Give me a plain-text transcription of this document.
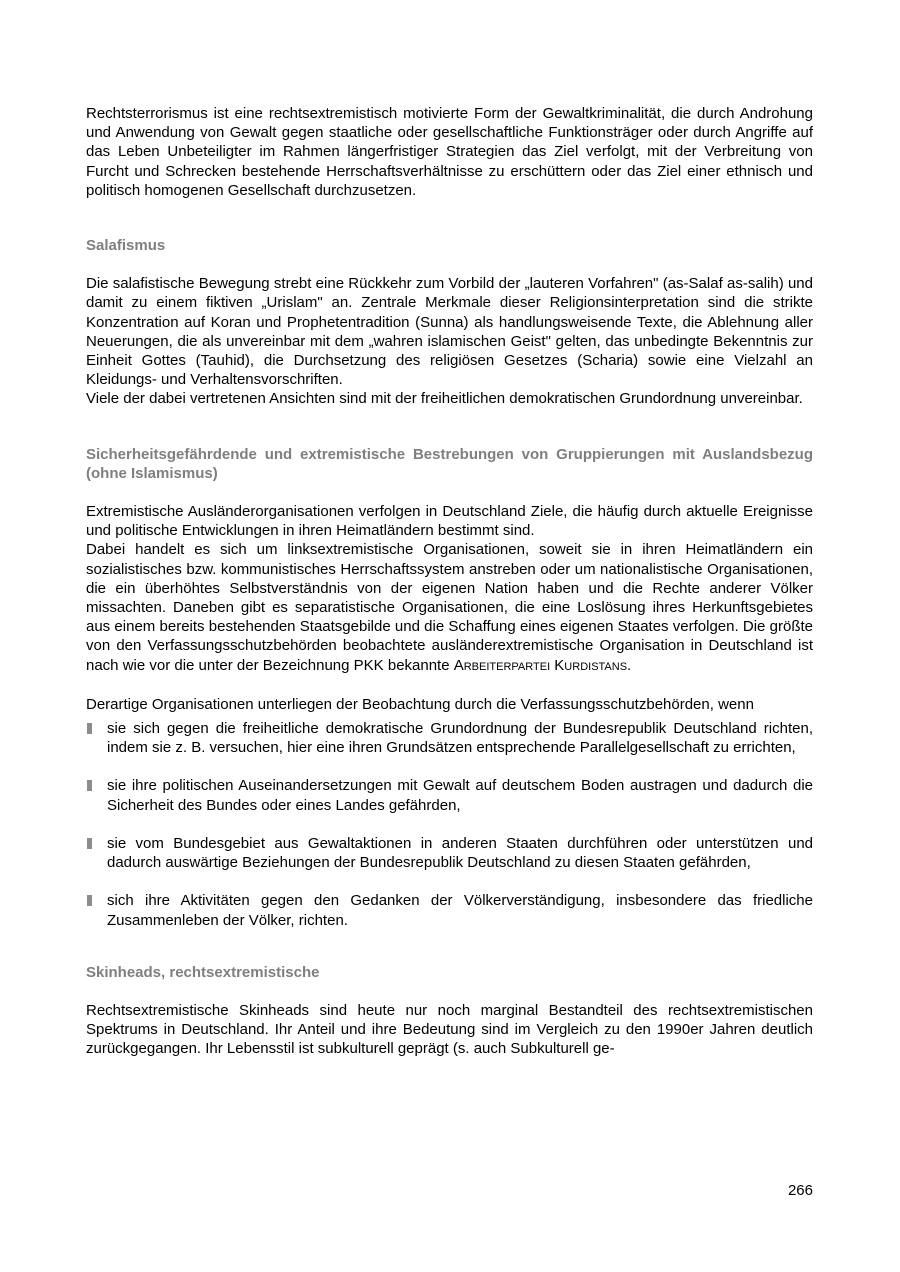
Rechtsterrorismus ist eine rechtsextremistisch motivierte Form der Gewaltkriminalität, die durch Androhung und Anwendung von Gewalt gegen staatliche oder gesellschaftliche Funktionsträger oder durch Angriffe auf das Leben Unbeteiligter im Rahmen längerfristiger Strategien das Ziel verfolgt, mit der Verbreitung von Furcht und Schrecken bestehende Herrschaftsverhältnisse zu erschüttern oder das Ziel einer ethnisch und politisch homogenen Gesellschaft durchzusetzen.

Salafismus

Die salafistische Bewegung strebt eine Rückkehr zum Vorbild der „lauteren Vorfahren" (as-Salaf as-salih) und damit zu einem fiktiven „Urislam" an. Zentrale Merkmale dieser Religionsinterpretation sind die strikte Konzentration auf Koran und Prophetentradition (Sunna) als handlungsweisende Texte, die Ablehnung aller Neuerungen, die als unvereinbar mit dem „wahren islamischen Geist" gelten, das unbedingte Bekenntnis zur Einheit Gottes (Tauhid), die Durchsetzung des religiösen Gesetzes (Scharia) sowie eine Vielzahl an Kleidungs- und Verhaltensvorschriften.

Viele der dabei vertretenen Ansichten sind mit der freiheitlichen demokratischen Grundordnung unvereinbar.

Sicherheitsgefährdende und extremistische Bestrebungen von Gruppierungen mit Auslandsbezug (ohne Islamismus)

Extremistische Ausländerorganisationen verfolgen in Deutschland Ziele, die häufig durch aktuelle Ereignisse und politische Entwicklungen in ihren Heimatländern bestimmt sind.

Dabei handelt es sich um linksextremistische Organisationen, soweit sie in ihren Heimatländern ein sozialistisches bzw. kommunistisches Herrschaftssystem anstreben oder um nationalistische Organisationen, die ein überhöhtes Selbstverständnis von der eigenen Nation haben und die Rechte anderer Völker missachten. Daneben gibt es separatistische Organisationen, die eine Loslösung ihres Herkunftsgebietes aus einem bereits bestehenden Staatsgebilde und die Schaffung eines eigenen Staates verfolgen. Die größte von den Verfassungsschutzbehörden beobachtete ausländerextremistische Organisation in Deutschland ist nach wie vor die unter der Bezeichnung PKK bekannte Arbeiterpartei Kurdistans.

Derartige Organisationen unterliegen der Beobachtung durch die Verfassungsschutzbehörden, wenn

sie sich gegen die freiheitliche demokratische Grundordnung der Bundesrepublik Deutschland richten, indem sie z. B. versuchen, hier eine ihren Grundsätzen entsprechende Parallelgesellschaft zu errichten,

sie ihre politischen Auseinandersetzungen mit Gewalt auf deutschem Boden austragen und dadurch die Sicherheit des Bundes oder eines Landes gefährden,

sie vom Bundesgebiet aus Gewaltaktionen in anderen Staaten durchführen oder unterstützen und dadurch auswärtige Beziehungen der Bundesrepublik Deutschland zu diesen Staaten gefährden,

sich ihre Aktivitäten gegen den Gedanken der Völkerverständigung, insbesondere das friedliche Zusammenleben der Völker, richten.

Skinheads, rechtsextremistische

Rechtsextremistische Skinheads sind heute nur noch marginal Bestandteil des rechtsextremistischen Spektrums in Deutschland. Ihr Anteil und ihre Bedeutung sind im Vergleich zu den 1990er Jahren deutlich zurückgegangen. Ihr Lebensstil ist subkulturell geprägt (s. auch Subkulturell ge-

266
